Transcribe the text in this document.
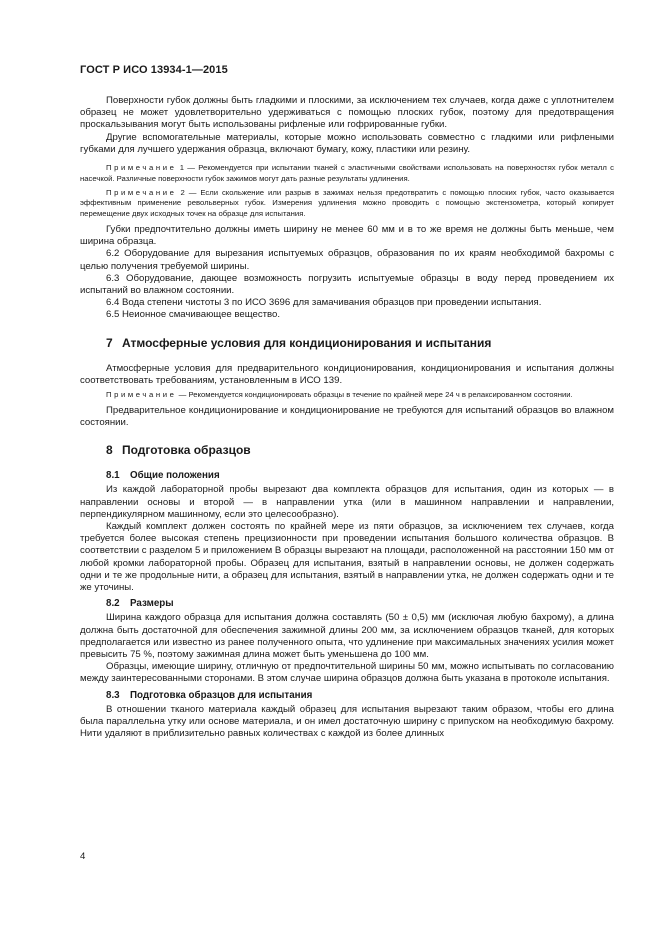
ГОСТ Р ИСО 13934-1—2015

Поверхности губок должны быть гладкими и плоскими, за исключением тех случаев, когда даже с уплотнителем образец не может удовлетворительно удерживаться с помощью плоских губок, поэтому для предотвращения проскальзывания могут быть использованы рифленые или гофрированные губки.

Другие вспомогательные материалы, которые можно использовать совместно с гладкими или рифлеными губками для лучшего удержания образца, включают бумагу, кожу, пластики или резину.

Примечание 1 — Рекомендуется при испытании тканей с эластичными свойствами использовать на поверхностях губок металл с насечкой. Различные поверхности губок зажимов могут дать разные результаты удлинения.

Примечание 2 — Если скольжение или разрыв в зажимах нельзя предотвратить с помощью плоских губок, часто оказывается эффективным применение револьверных губок. Измерения удлинения можно проводить с помощью экстензометра, который копирует перемещение двух исходных точек на образце для испытания.

Губки предпочтительно должны иметь ширину не менее 60 мм и в то же время не должны быть меньше, чем ширина образца.

6.2 Оборудование для вырезания испытуемых образцов, образования по их краям необходимой бахромы с целью получения требуемой ширины.

6.3 Оборудование, дающее возможность погрузить испытуемые образцы в воду перед проведением их испытаний во влажном состоянии.

6.4 Вода степени чистоты 3 по ИСО 3696 для замачивания образцов при проведении испытания.

6.5 Неионное смачивающее вещество.

7 Атмосферные условия для кондиционирования и испытания

Атмосферные условия для предварительного кондиционирования, кондиционирования и испытания должны соответствовать требованиям, установленным в ИСО 139.

Примечание — Рекомендуется кондиционировать образцы в течение по крайней мере 24 ч в релаксированном состоянии.

Предварительное кондиционирование и кондиционирование не требуются для испытаний образцов во влажном состоянии.

8 Подготовка образцов
8.1 Общие положения

Из каждой лабораторной пробы вырезают два комплекта образцов для испытания, один из которых — в направлении основы и второй — в направлении утка (или в машинном направлении и направлении, перпендикулярном машинному, если это целесообразно).

Каждый комплект должен состоять по крайней мере из пяти образцов, за исключением тех случаев, когда требуется более высокая степень прецизионности при проведении испытания большого количества образцов. В соответствии с разделом 5 и приложением В образцы вырезают на площади, расположенной на расстоянии 150 мм от любой кромки лабораторной пробы. Образец для испытания, взятый в направлении основы, не должен содержать одни и те же продольные нити, а образец для испытания, взятый в направлении утка, не должен содержать одни и те же уточины.

8.2 Размеры

Ширина каждого образца для испытания должна составлять (50 ± 0,5) мм (исключая любую бахрому), а длина должна быть достаточной для обеспечения зажимной длины 200 мм, за исключением образцов тканей, для которых предполагается или известно из ранее полученного опыта, что удлинение при максимальных значениях усилия может превысить 75 %, поэтому зажимная длина может быть уменьшена до 100 мм.

Образцы, имеющие ширину, отличную от предпочтительной ширины 50 мм, можно испытывать по согласованию между заинтересованными сторонами. В этом случае ширина образцов должна быть указана в протоколе испытания.

8.3 Подготовка образцов для испытания

В отношении тканого материала каждый образец для испытания вырезают таким образом, чтобы его длина была параллельна утку или основе материала, и он имел достаточную ширину с припуском на необходимую бахрому. Нити удаляют в приблизительно равных количествах с каждой из более длинных

4
